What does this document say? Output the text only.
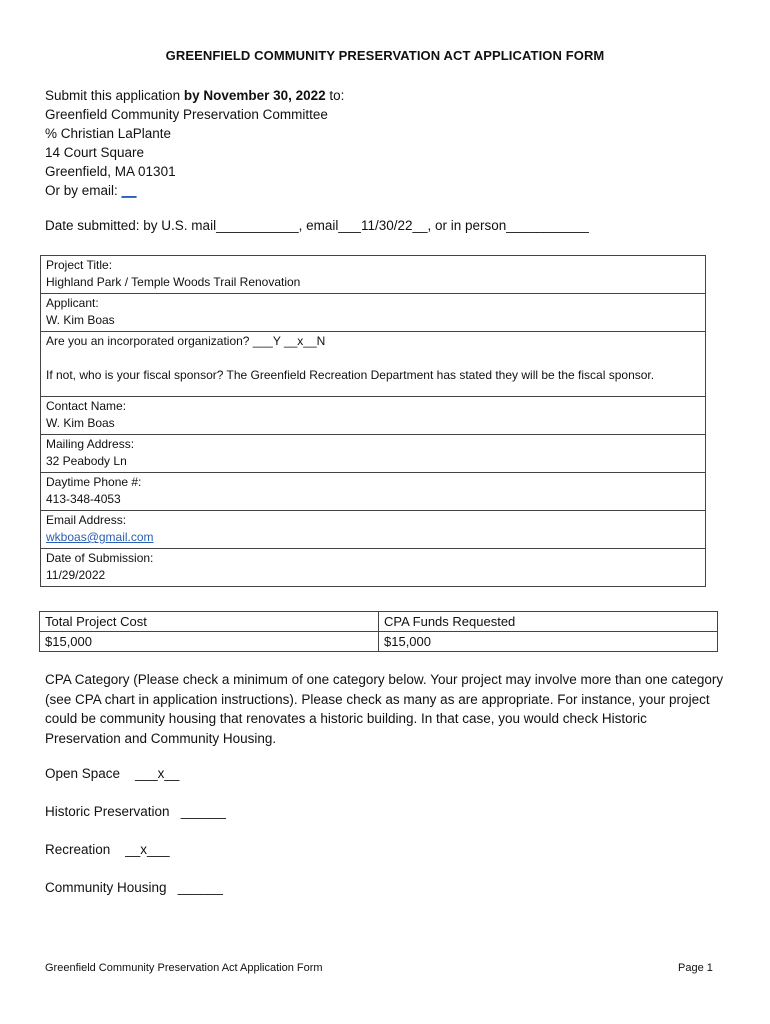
GREENFIELD COMMUNITY PRESERVATION ACT APPLICATION FORM
Submit this application by November 30, 2022 to:
Greenfield Community Preservation Committee
% Christian LaPlante
14 Court Square
Greenfield, MA 01301
Or by email: __
Date submitted: by U.S. mail___________, email___11/30/22__, or in person___________
Project Title:
Highland Park / Temple Woods Trail Renovation

Applicant:
W. Kim Boas

Are you an incorporated organization? ___Y __x__N
If not, who is your fiscal sponsor? The Greenfield Recreation Department has stated they will be the fiscal sponsor.

Contact Name:
W. Kim Boas

Mailing Address:
32 Peabody Ln

Daytime Phone #:
413-348-4053

Email Address:
wkboas@gmail.com

Date of Submission:
11/29/2022
Total Project Cost	CPA Funds Requested
$15,000	$15,000
CPA Category (Please check a minimum of one category below. Your project may involve more than one category (see CPA chart in application instructions). Please check as many as are appropriate. For instance, your project could be community housing that renovates a historic building. In that case, you would check Historic Preservation and Community Housing.
Open Space    ___x__
Historic Preservation   ______
Recreation    __x___
Community Housing   ______
Greenfield Community Preservation Act Application Form	Page 1
